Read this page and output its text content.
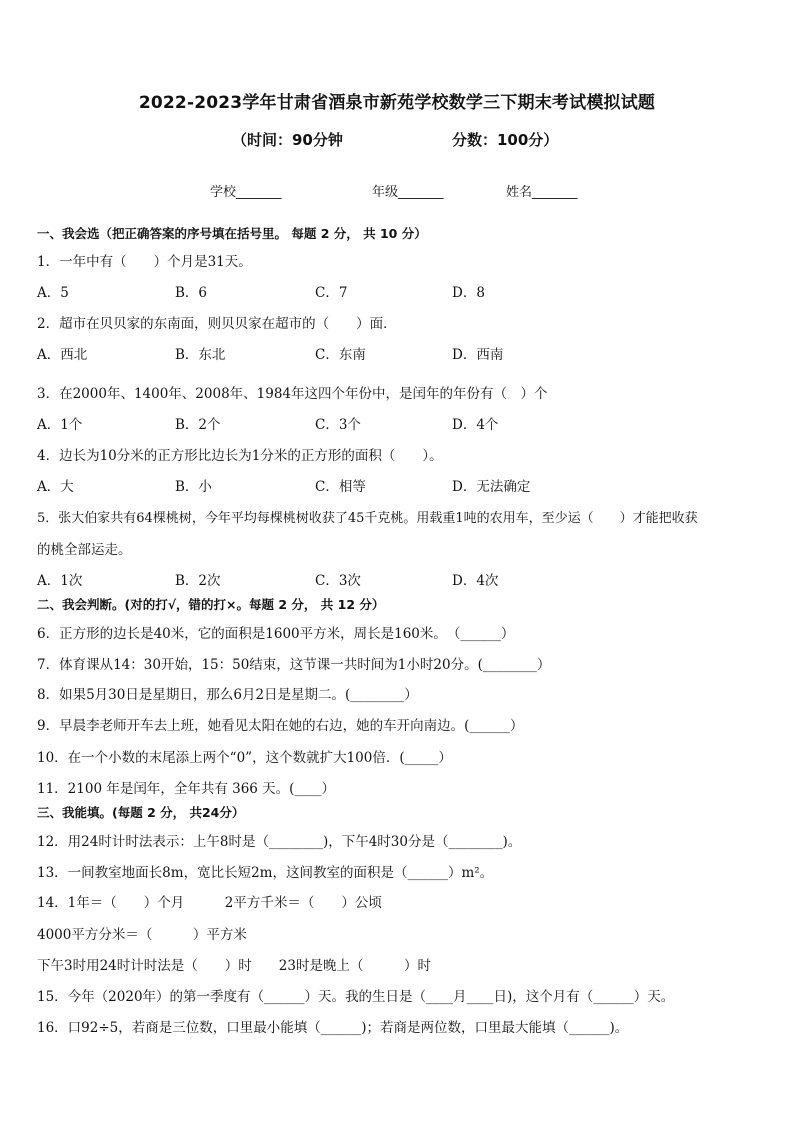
2022-2023学年甘肃省酒泉市新苑学校数学三下期末考试模拟试题
（时间：90分钟	分数：100分）
学校_______	年级_______	姓名_______
一、我会选（把正确答案的序号填在括号里。 每题 2 分， 共 10 分）
1．一年中有（　　）个月是31天。
A．5	B．6	C．7	D．8
2．超市在贝贝家的东南面，则贝贝家在超市的（　　）面．
A．西北	B．东北	C．东南	D．西南
3．在2000年、1400年、2008年、1984年这四个年份中，是闰年的年份有（　）个
A．1个	B．2个	C．3个	D．4个
4．边长为10分米的正方形比边长为1分米的正方形的面积（　　）。
A．大	B．小	C．相等	D．无法确定
5．张大伯家共有64棵桃树，今年平均每棵桃树收获了45千克桃。用载重1吨的农用车，至少运（　　）才能把收获
的桃全部运走。
A．1次	B．2次	C．3次	D．4次
二、我会判断。(对的打√，错的打×。每题 2 分， 共 12 分）
6．正方形的边长是40米，它的面积是1600平方米，周长是160米。　（______）
7．体育课从14：30开始，15：50结束，这节课一共时间为1小时20分。(________）
8．如果5月30日是星期日，那么6月2日是星期二。(________）
9．早晨李老师开车去上班，她看见太阳在她的右边，她的车开向南边。(______）
10．在一个小数的末尾添上两个“0”，这个数就扩大100倍．(_____）
11．2100 年是闰年，全年共有 366 天。(____）
三、我能填。(每题 2 分， 共24分）
12．用24时计时法表示：上午8时是（________)，下午4时30分是（________)。
13．一间教室地面长8m，宽比长短2m，这间教室的面积是（______）m²。
14．1年＝（　　）个月　　　2平方千米＝（　　）公顷
4000平方分米＝（　　　）平方米
下午3时用24时计时法是（　　）时　　23时是晚上（　　　）时
15．今年（2020年）的第一季度有（______）天。我的生日是（____月____日)，这个月有（______）天。
16．口92÷5，若商是三位数，口里最小能填（______)；若商是两位数，口里最大能填（______)。
